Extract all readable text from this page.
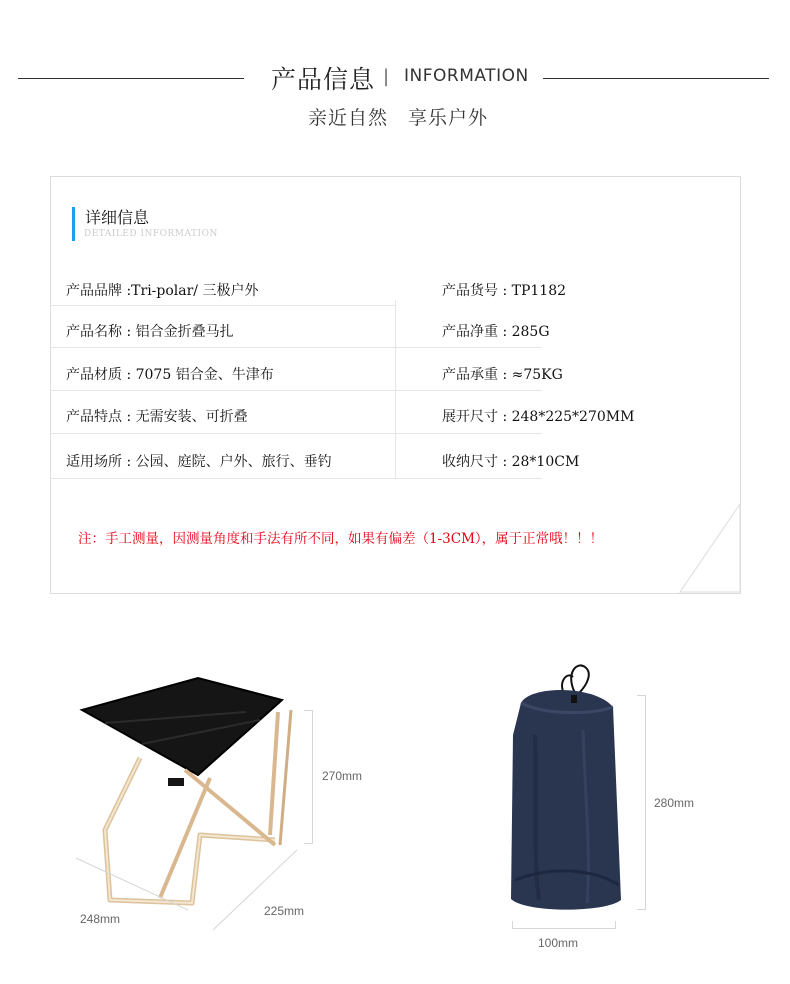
产品信息 | INFORMATION
亲近自然　享乐户外
详细信息
DETAILED INFORMATION
产品品牌 :Tri-polar/ 三极户外	产品货号 : TP1182
产品名称 : 铝合金折叠马扎	产品净重 : 285G
产品材质 : 7075 铝合金、牛津布	产品承重 : ≈75KG
产品特点 : 无需安装、可折叠	展开尺寸 : 248*225*270MM
适用场所 : 公园、庭院、户外、旅行、垂钓	收纳尺寸 : 28*10CM
注：手工测量，因测量角度和手法有所不同，如果有偏差（1-3CM），属于正常哦！！！
270mm
225mm
248mm
280mm
100mm
